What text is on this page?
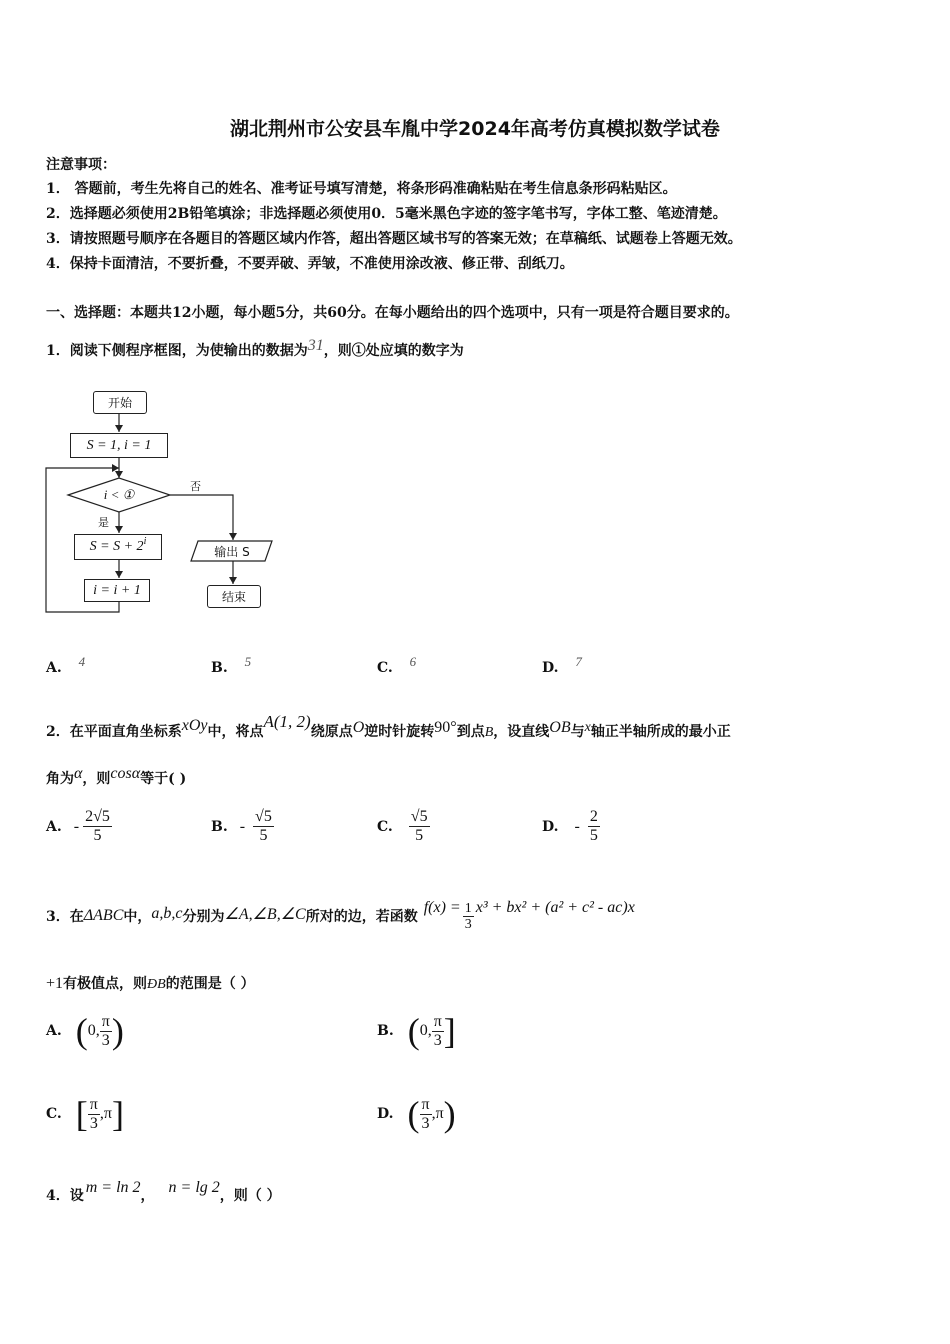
湖北荆州市公安县车胤中学2024年高考仿真模拟数学试卷
注意事项：
1． 答题前，考生先将自己的姓名、准考证号填写清楚，将条形码准确粘贴在考生信息条形码粘贴区。
2．选择题必须使用2B铅笔填涂；非选择题必须使用0．5毫米黑色字迹的签字笔书写，字体工整、笔迹清楚。
3．请按照题号顺序在各题目的答题区域内作答，超出答题区域书写的答案无效；在草稿纸、试题卷上答题无效。
4．保持卡面清洁，不要折叠，不要弄破、弄皱，不准使用涂改液、修正带、刮纸刀。
一、选择题：本题共12小题，每小题5分，共60分。在每小题给出的四个选项中，只有一项是符合题目要求的。
1．阅读下侧程序框图，为使输出的数据为31，则①处应填的数字为
开始
S = 1, i = 1
i < ①
否
是
S = S + 2 i
i = i + 1
输出 S
结束
A. 4	B. 5	C. 6	D. 7
2．在平面直角坐标系xOy中，将点A(1, 2)绕原点O逆时针旋转90°到点B，设直线OB与x轴正半轴所成的最小正
角为α，则cosα等于( )
A. - $\frac{2√5}{5}$	B. - $\frac{√5}{5}$	C. $\frac{√5}{5}$	D. - $\frac{2}{5}$
3．在 ΔABC 中， a,b,c 分别为 ∠A,∠B,∠C 所对的边，若函数
$f(x) = \frac{1}{3} x^3 + bx^2 + (a^2 + c^2 - ac)x$
+1有极值点，则ÐB的范围是（ ）
A. ( 0, $\frac{\pi}{3}$ )	B. ( 0, $\frac{\pi}{3}$ ]
C. [ $\frac{\pi}{3} ,\pi$ ]	D. ( $\frac{\pi}{3} ,\pi$ )
4．设 m = ln 2， n = lg 2，则（ ）
